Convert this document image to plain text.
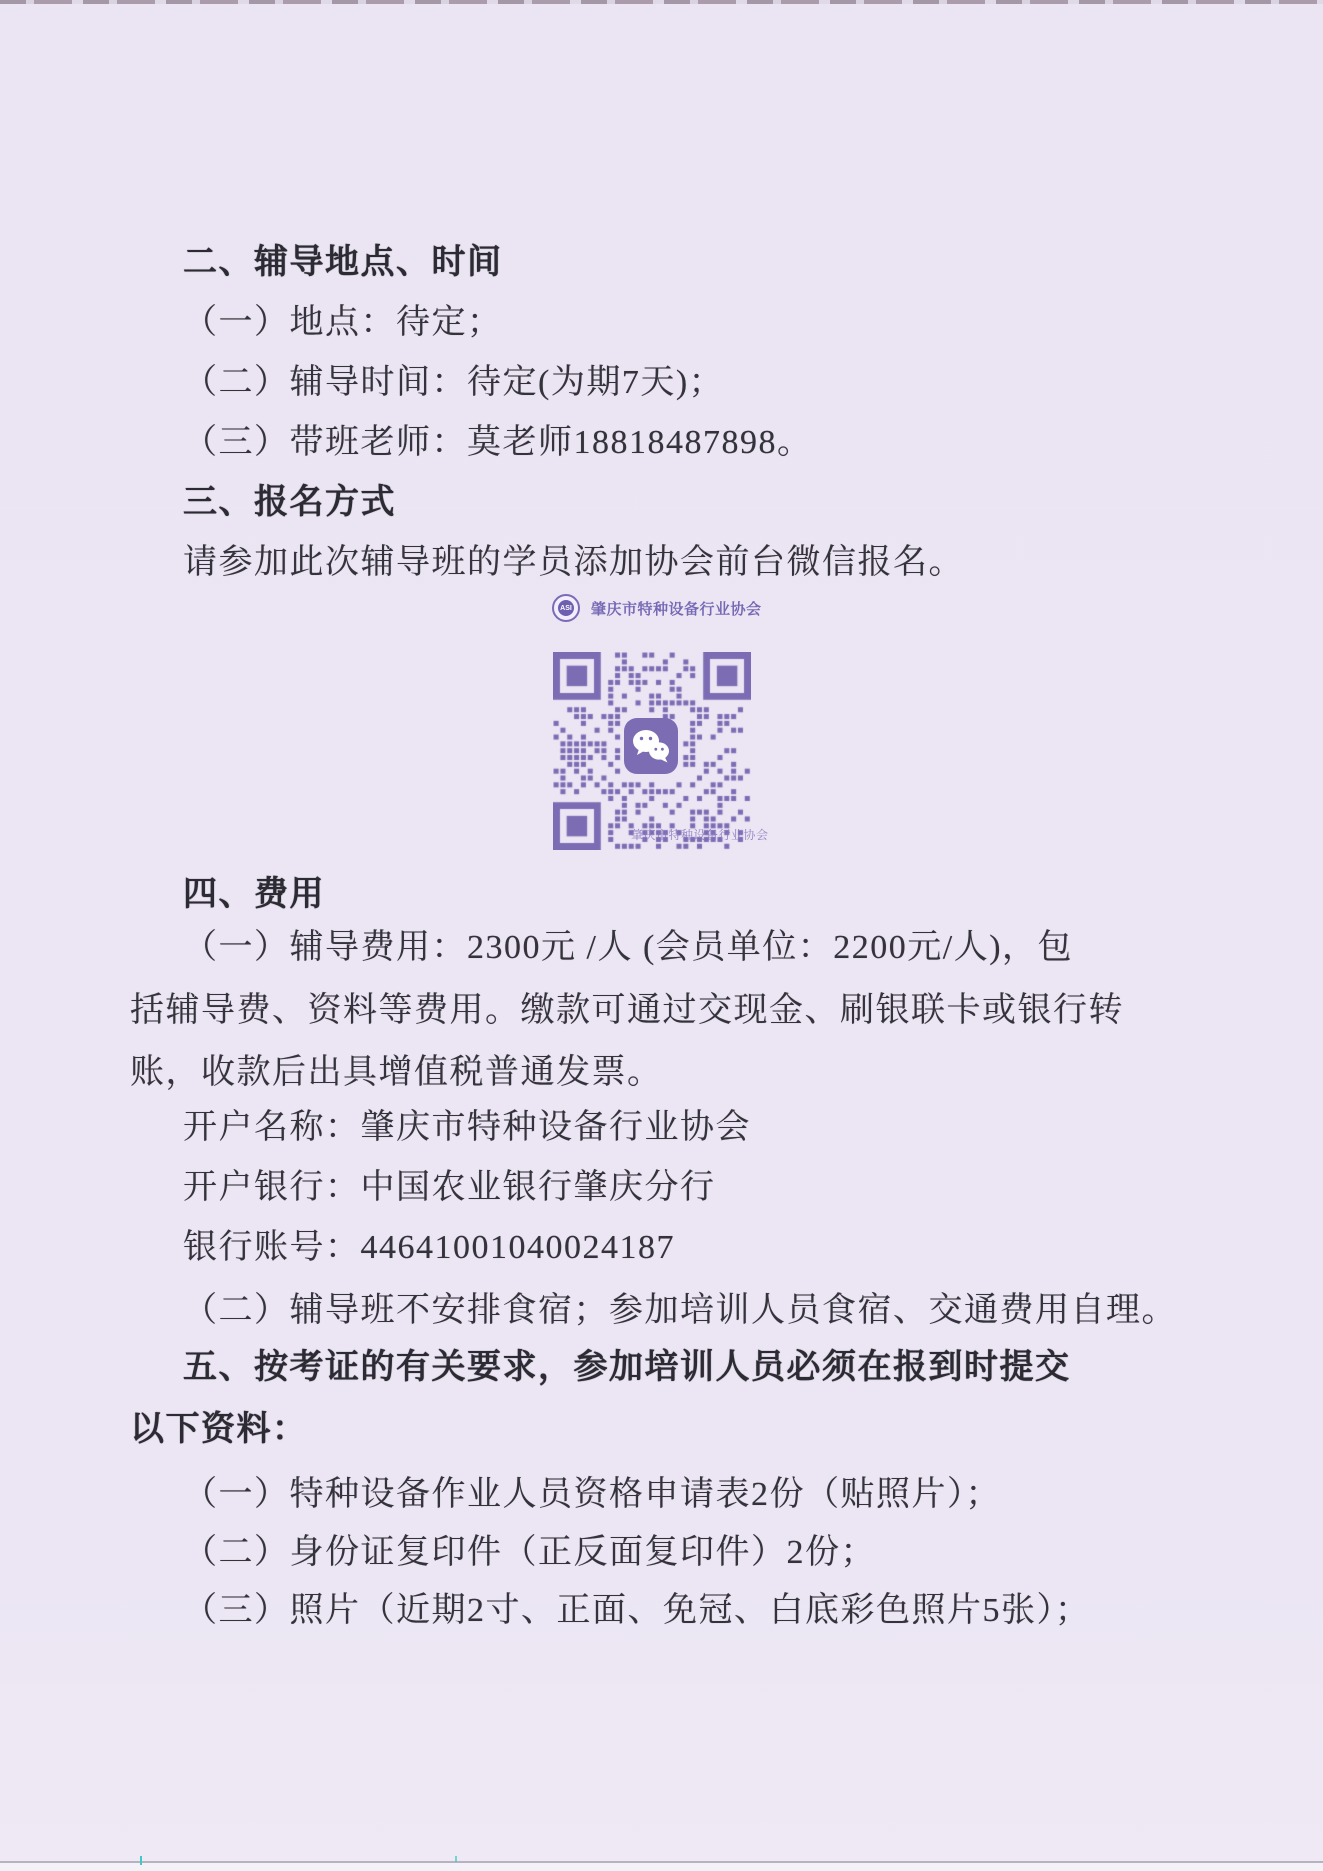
二、辅导地点、时间
（一）地点：待定；
（二）辅导时间：待定(为期7天)；
（三）带班老师：莫老师18818487898。
三、报名方式
请参加此次辅导班的学员添加协会前台微信报名。
ASI 肇庆市特种设备行业协会
肇庆市特种设备行业协会
四、费用
（一）辅导费用：2300元 /人 (会员单位：2200元/人)，包
括辅导费、资料等费用。缴款可通过交现金、刷银联卡或银行转
账，收款后出具增值税普通发票。
开户名称：肇庆市特种设备行业协会
开户银行：中国农业银行肇庆分行
银行账号：44641001040024187
（二）辅导班不安排食宿；参加培训人员食宿、交通费用自理。
五、按考证的有关要求，参加培训人员必须在报到时提交
以下资料：
（一）特种设备作业人员资格申请表2份（贴照片）；
（二）身份证复印件（正反面复印件）2份；
（三）照片（近期2寸、正面、免冠、白底彩色照片5张）；
